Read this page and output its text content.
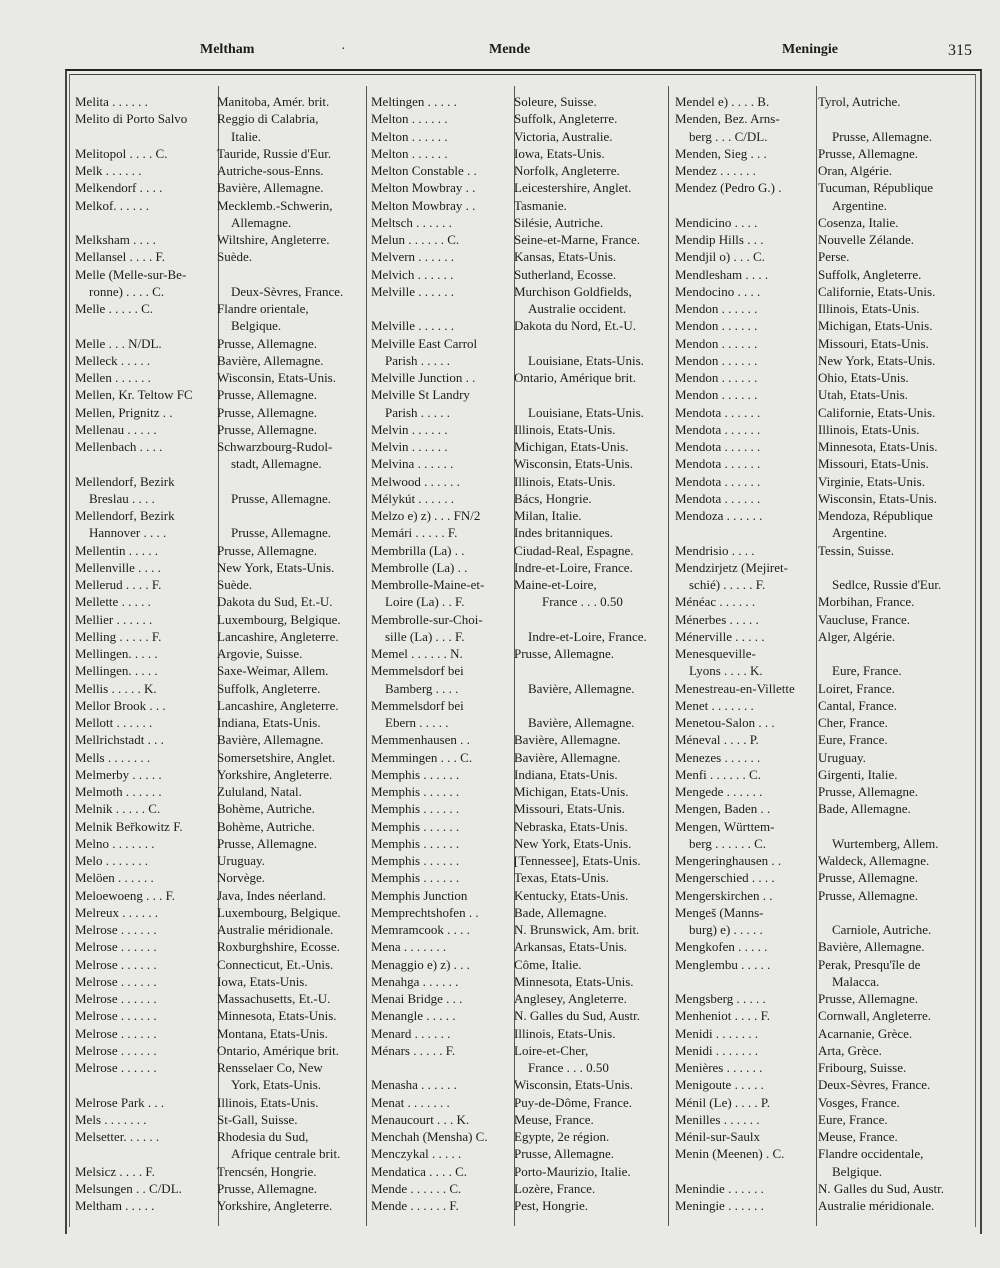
Meltham	·	Mende	Meningie	315
Melita . . . . . .	Manitoba, Amér. brit.
Melito di Porto Salvo	Reggio di Calabria,
Italie.
Melitopol . . . . C.	Tauride, Russie d'Eur.
Melk . . . . . .	Autriche-sous-Enns.
Melkendorf . . . .	Bavière, Allemagne.
Melkof. . . . . .	Mecklemb.-Schwerin,
Allemagne.
Melksham . . . .	Wiltshire, Angleterre.
Mellansel . . . . F.	Suède.
Melle (Melle-sur-Be-
ronne) . . . . C.	Deux-Sèvres, France.
Melle . . . . . C.	Flandre orientale,
Belgique.
Melle . . . N/DL.	Prusse, Allemagne.
Melleck . . . . .	Bavière, Allemagne.
Mellen . . . . . .	Wisconsin, Etats-Unis.
Mellen, Kr. Teltow FC	Prusse, Allemagne.
Mellen, Prignitz . .	Prusse, Allemagne.
Mellenau . . . . .	Prusse, Allemagne.
Mellenbach . . . .	Schwarzbourg-Rudol-
stadt, Allemagne.
Mellendorf, Bezirk
Breslau . . . .	Prusse, Allemagne.
Mellendorf, Bezirk
Hannover . . . .	Prusse, Allemagne.
Mellentin . . . . .	Prusse, Allemagne.
Mellenville . . . .	New York, Etats-Unis.
Mellerud . . . . F.	Suède.
Mellette . . . . .	Dakota du Sud, Et.-U.
Mellier . . . . . .	Luxembourg, Belgique.
Melling . . . . . F.	Lancashire, Angleterre.
Mellingen. . . . .	Argovie, Suisse.
Mellingen. . . . .	Saxe-Weimar, Allem.
Mellis . . . . . K.	Suffolk, Angleterre.
Mellor Brook . . .	Lancashire, Angleterre.
Mellott . . . . . .	Indiana, Etats-Unis.
Mellrichstadt . . .	Bavière, Allemagne.
Mells . . . . . . .	Somersetshire, Anglet.
Melmerby . . . . .	Yorkshire, Angleterre.
Melmoth . . . . . .	Zululand, Natal.
Melnik . . . . . C.	Bohème, Autriche.
Melnik Beřkowitz F.	Bohème, Autriche.
Melno . . . . . . .	Prusse, Allemagne.
Melo . . . . . . .	Uruguay.
Melöen . . . . . .	Norvège.
Meloewoeng . . . F.	Java, Indes néerland.
Melreux . . . . . .	Luxembourg, Belgique.
Melrose . . . . . .	Australie méridionale.
Melrose . . . . . .	Roxburghshire, Ecosse.
Melrose . . . . . .	Connecticut, Et.-Unis.
Melrose . . . . . .	Iowa, Etats-Unis.
Melrose . . . . . .	Massachusetts, Et.-U.
Melrose . . . . . .	Minnesota, Etats-Unis.
Melrose . . . . . .	Montana, Etats-Unis.
Melrose . . . . . .	Ontario, Amérique brit.
Melrose . . . . . .	Rensselaer Co, New
York, Etats-Unis.
Melrose Park . . .	Illinois, Etats-Unis.
Mels . . . . . . .	St-Gall, Suisse.
Melsetter. . . . . .	Rhodesia du Sud,
Afrique centrale brit.
Melsicz . . . . F.	Trencsén, Hongrie.
Melsungen . . C/DL.	Prusse, Allemagne.
Meltham . . . . .	Yorkshire, Angleterre.
Meltingen . . . . .	Soleure, Suisse.
Melton . . . . . .	Suffolk, Angleterre.
Melton . . . . . .	Victoria, Australie.
Melton . . . . . .	Iowa, Etats-Unis.
Melton Constable . .	Norfolk, Angleterre.
Melton Mowbray . .	Leicestershire, Anglet.
Melton Mowbray . .	Tasmanie.
Meltsch . . . . . .	Silésie, Autriche.
Melun . . . . . . C.	Seine-et-Marne, France.
Melvern . . . . . .	Kansas, Etats-Unis.
Melvich . . . . . .	Sutherland, Ecosse.
Melville . . . . . .	Murchison Goldfields,
Australie occident.
Melville . . . . . .	Dakota du Nord, Et.-U.
Melville East Carrol
Parish . . . . .	Louisiane, Etats-Unis.
Melville Junction . .	Ontario, Amérique brit.
Melville St Landry
Parish . . . . .	Louisiane, Etats-Unis.
Melvin . . . . . .	Illinois, Etats-Unis.
Melvin . . . . . .	Michigan, Etats-Unis.
Melvina . . . . . .	Wisconsin, Etats-Unis.
Melwood . . . . . .	Illinois, Etats-Unis.
Mélykút . . . . . .	Bács, Hongrie.
Melzo e) z) . . . FN/2	Milan, Italie.
Memári . . . . . F.	Indes britanniques.
Membrilla (La) . .	Ciudad-Real, Espagne.
Membrolle (La) . .	Indre-et-Loire, France.
Membrolle-Maine-et-	Maine-et-Loire,
Loire (La) . . F.	France . . . 0.50
Membrolle-sur-Choi-
sille (La) . . . F.	Indre-et-Loire, France.
Memel . . . . . . N.	Prusse, Allemagne.
Memmelsdorf bei
Bamberg . . . .	Bavière, Allemagne.
Memmelsdorf bei
Ebern . . . . .	Bavière, Allemagne.
Memmenhausen . .	Bavière, Allemagne.
Memmingen . . . C.	Bavière, Allemagne.
Memphis . . . . . .	Indiana, Etats-Unis.
Memphis . . . . . .	Michigan, Etats-Unis.
Memphis . . . . . .	Missouri, Etats-Unis.
Memphis . . . . . .	Nebraska, Etats-Unis.
Memphis . . . . . .	New York, Etats-Unis.
Memphis . . . . . .	[Tennessee], Etats-Unis.
Memphis . . . . . .	Texas, Etats-Unis.
Memphis Junction	Kentucky, Etats-Unis.
Memprechtshofen . .	Bade, Allemagne.
Memramcook . . . .	N. Brunswick, Am. brit.
Mena . . . . . . .	Arkansas, Etats-Unis.
Menaggio e) z) . . .	Côme, Italie.
Menahga . . . . . .	Minnesota, Etats-Unis.
Menai Bridge . . .	Anglesey, Angleterre.
Menangle . . . . .	N. Galles du Sud, Austr.
Menard . . . . . .	Illinois, Etats-Unis.
Ménars . . . . . F.	Loire-et-Cher,
France . . . 0.50
Menasha . . . . . .	Wisconsin, Etats-Unis.
Menat . . . . . . .	Puy-de-Dôme, France.
Menaucourt . . . K.	Meuse, France.
Menchah (Mensha) C.	Egypte, 2e région.
Menczykal . . . . .	Prusse, Allemagne.
Mendatica . . . . C.	Porto-Maurizio, Italie.
Mende . . . . . . C.	Lozère, France.
Mende . . . . . . F.	Pest, Hongrie.
Mendel e) . . . . B.	Tyrol, Autriche.
Menden, Bez. Arns-
berg . . . C/DL.	Prusse, Allemagne.
Menden, Sieg . . .	Prusse, Allemagne.
Mendez . . . . . .	Oran, Algérie.
Mendez (Pedro G.) .	Tucuman, République
Argentine.
Mendicino . . . .	Cosenza, Italie.
Mendip Hills . . .	Nouvelle Zélande.
Mendjil o) . . . C.	Perse.
Mendlesham . . . .	Suffolk, Angleterre.
Mendocino . . . .	Californie, Etats-Unis.
Mendon . . . . . .	Illinois, Etats-Unis.
Mendon . . . . . .	Michigan, Etats-Unis.
Mendon . . . . . .	Missouri, Etats-Unis.
Mendon . . . . . .	New York, Etats-Unis.
Mendon . . . . . .	Ohio, Etats-Unis.
Mendon . . . . . .	Utah, Etats-Unis.
Mendota . . . . . .	Californie, Etats-Unis.
Mendota . . . . . .	Illinois, Etats-Unis.
Mendota . . . . . .	Minnesota, Etats-Unis.
Mendota . . . . . .	Missouri, Etats-Unis.
Mendota . . . . . .	Virginie, Etats-Unis.
Mendota . . . . . .	Wisconsin, Etats-Unis.
Mendoza . . . . . .	Mendoza, République
Argentine.
Mendrisio . . . .	Tessin, Suisse.
Mendzirjetz (Mejiret-
schié) . . . . . F.	Sedlce, Russie d'Eur.
Ménéac . . . . . .	Morbihan, France.
Ménerbes . . . . .	Vaucluse, France.
Ménerville . . . . .	Alger, Algérie.
Menesqueville-
Lyons . . . . K.	Eure, France.
Menestreau-en-Villette	Loiret, France.
Menet . . . . . . .	Cantal, France.
Menetou-Salon . . .	Cher, France.
Méneval . . . . P.	Eure, France.
Menezes . . . . . .	Uruguay.
Menfi . . . . . . C.	Girgenti, Italie.
Mengede . . . . . .	Prusse, Allemagne.
Mengen, Baden . .	Bade, Allemagne.
Mengen, Württem-
berg . . . . . . C.	Wurtemberg, Allem.
Mengeringhausen . .	Waldeck, Allemagne.
Mengerschied . . . .	Prusse, Allemagne.
Mengerskirchen . .	Prusse, Allemagne.
Mengeš (Manns-
burg) e) . . . . .	Carniole, Autriche.
Mengkofen . . . . .	Bavière, Allemagne.
Menglembu . . . . .	Perak, Presqu'île de
Malacca.
Mengsberg . . . . .	Prusse, Allemagne.
Menheniot . . . . F.	Cornwall, Angleterre.
Menidi . . . . . . .	Acarnanie, Grèce.
Menidi . . . . . . .	Arta, Grèce.
Menières . . . . . .	Fribourg, Suisse.
Menigoute . . . . .	Deux-Sèvres, France.
Ménil (Le) . . . . P.	Vosges, France.
Menilles . . . . . .	Eure, France.
Ménil-sur-Saulx	Meuse, France.
Menin (Meenen) . C.	Flandre occidentale,
Belgique.
Menindie . . . . . .	N. Galles du Sud, Austr.
Meningie . . . . . .	Australie méridionale.
